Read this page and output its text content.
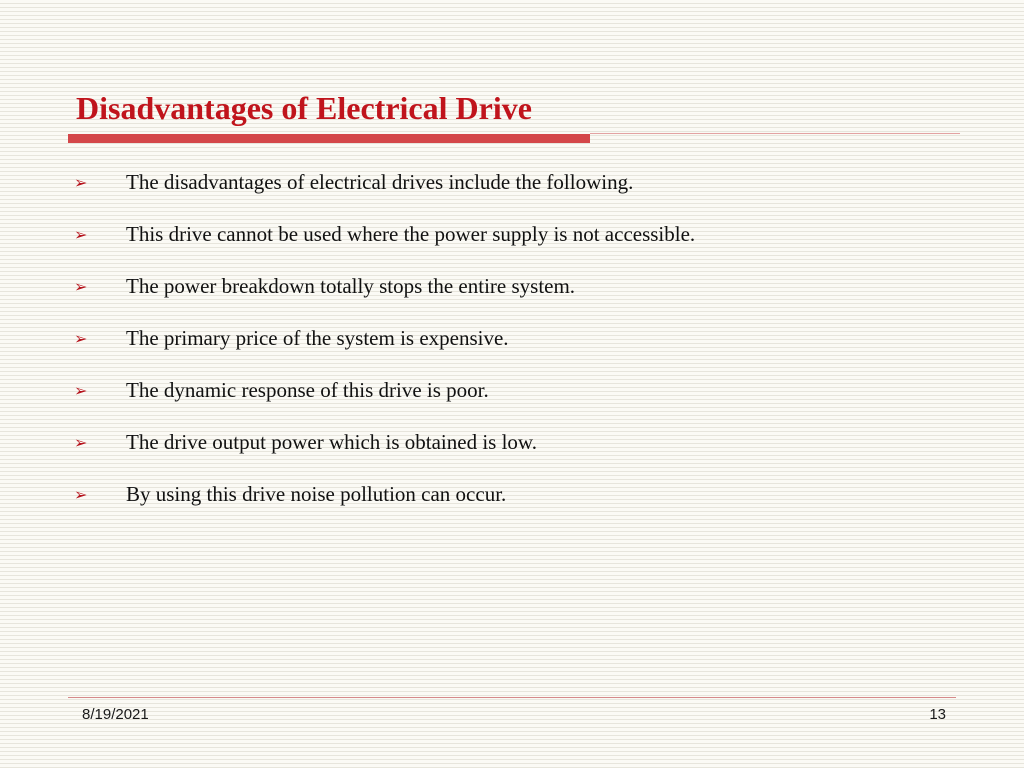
Disadvantages of Electrical Drive
➢	The disadvantages of electrical drives include the following.
➢	This drive cannot be used where the power supply is not accessible.
➢	The power breakdown totally stops the entire system.
➢	The primary price of the system is expensive.
➢	The dynamic response of this drive is poor.
➢	The drive output power which is obtained is low.
➢	By using this drive noise pollution can occur.
8/19/2021	13
